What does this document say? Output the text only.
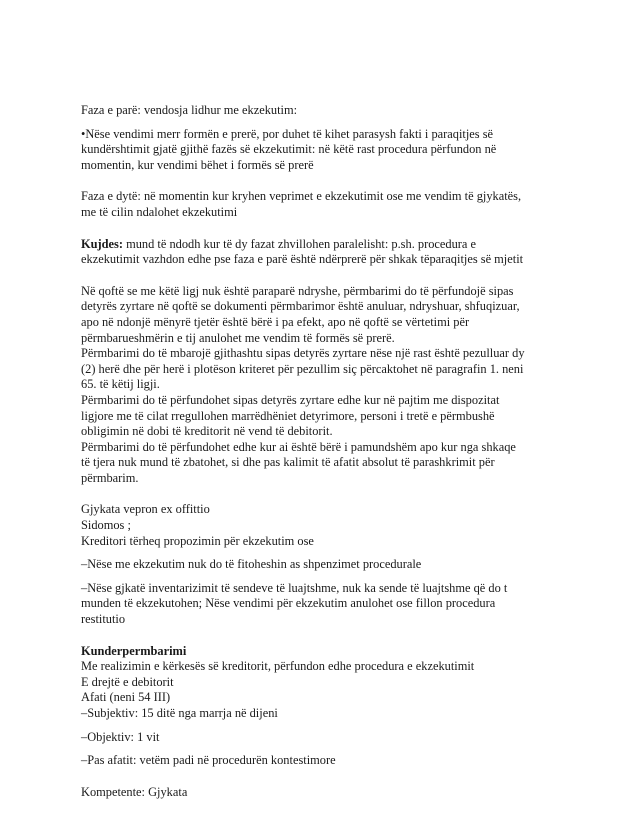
Faza e parë: vendosja lidhur me ekzekutim:

•Nëse vendimi merr formën e prerë, por duhet të kihet parasysh fakti i paraqitjes së
kundërshtimit gjatë gjithë fazës së ekzekutimit: në këtë rast procedura përfundon në
momentin, kur vendimi bëhet i formës së prerë

Faza e dytë: në momentin kur kryhen veprimet e ekzekutimit ose me vendim të gjykatës,
me të cilin ndalohet ekzekutimi

Kujdes: mund të ndodh kur të dy fazat zhvillohen paralelisht: p.sh. procedura e
ekzekutimit vazhdon edhe pse faza e parë është ndërprerë për shkak tëparaqitjes së mjetit

Në qoftë se me këtë ligj nuk është paraparë ndryshe, përmbarimi do të përfundojë sipas
detyrës zyrtare në qoftë se dokumenti përmbarimor është anuluar, ndryshuar, shfuqizuar,
apo në ndonjë mënyrë tjetër është bërë i pa efekt, apo në qoftë se vërtetimi për
përmbarueshmërin e tij anulohet me vendim të formës së prerë.
Përmbarimi do të mbarojë gjithashtu sipas detyrës zyrtare nëse një rast është pezulluar dy
(2) herë dhe për herë i plotëson kriteret për pezullim siç përcaktohet në paragrafin 1. neni
65. të këtij ligji.
Përmbarimi do të përfundohet sipas detyrës zyrtare edhe kur në pajtim me dispozitat
ligjore me të cilat rregullohen marrëdhëniet detyrimore, personi i tretë e përmbushë
obligimin në dobi të kreditorit në vend të debitorit.
Përmbarimi do të përfundohet edhe kur ai është bërë i pamundshëm apo kur nga shkaqe
të tjera nuk mund të zbatohet, si dhe pas kalimit të afatit absolut të parashkrimit për
përmbarim.

Gjykata vepron ex offittio
Sidomos ;
Kreditori tërheq propozimin për ekzekutim ose

–Nëse me ekzekutim nuk do të fitoheshin as shpenzimet procedurale

–Nëse gjkatë inventarizimit të sendeve të luajtshme, nuk ka sende të luajtshme që do t
munden të ekzekutohen; Nëse vendimi për ekzekutim anulohet ose fillon procedura
restitutio

Kunderpermbarimi
Me realizimin e kërkesës së kreditorit, përfundon edhe procedura e ekzekutimit
E drejtë e debitorit
Afati (neni 54 III)
–Subjektiv: 15 ditë nga marrja në dijeni

–Objektiv: 1 vit

–Pas afatit: vetëm padi në procedurën kontestimore

Kompetente: Gjykata
